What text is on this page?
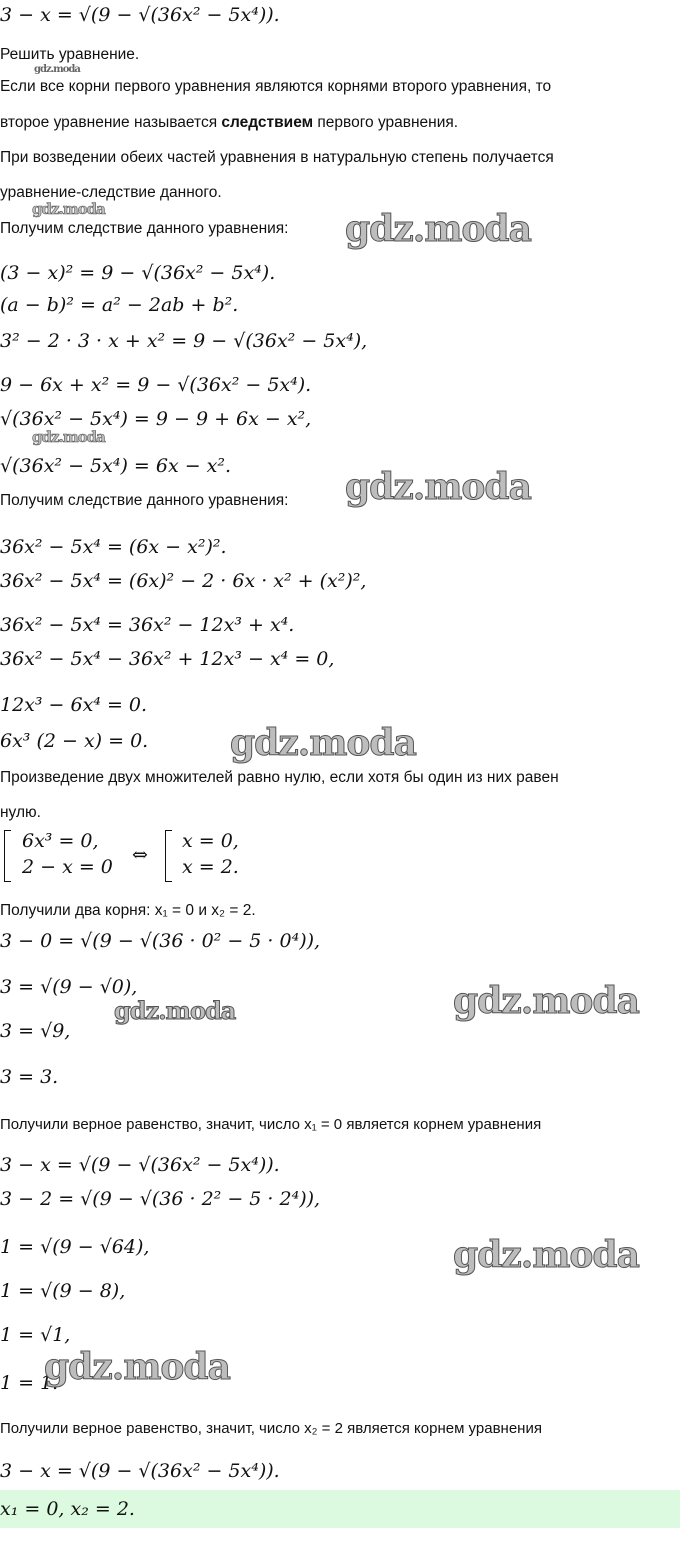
3 − x = √(9 − √(36x² − 5x⁴)).
Решить уравнение.
Если все корни первого уравнения являются корнями второго уравнения, то
второе уравнение называется следствием первого уравнения.
При возведении обеих частей уравнения в натуральную степень получается
уравнение-следствие данного.
Получим следствие данного уравнения:
(3 − x)² = 9 − √(36x² − 5x⁴).
(a − b)² = a² − 2ab + b².
3² − 2 · 3 · x + x² = 9 − √(36x² − 5x⁴),
9 − 6x + x² = 9 − √(36x² − 5x⁴).
√(36x² − 5x⁴) = 9 − 9 + 6x − x²,
√(36x² − 5x⁴) = 6x − x².
Получим следствие данного уравнения:
36x² − 5x⁴ = (6x − x²)².
36x² − 5x⁴ = (6x)² − 2 · 6x · x² + (x²)²,
36x² − 5x⁴ = 36x² − 12x³ + x⁴.
36x² − 5x⁴ − 36x² + 12x³ − x⁴ = 0,
12x³ − 6x⁴ = 0.
6x³ (2 − x) = 0.
Произведение двух множителей равно нулю, если хотя бы один из них равен
нулю.
6x³ = 0,
2 − x = 0
⇔
x = 0,
x = 2.
Получили два корня: x₁ = 0 и x₂ = 2.
3 − 0 = √(9 − √(36 · 0² − 5 · 0⁴)),
3 = √(9 − √0),
3 = √9,
3 = 3.
Получили верное равенство, значит, число x₁ = 0 является корнем уравнения
3 − x = √(9 − √(36x² − 5x⁴)).
3 − 2 = √(9 − √(36 · 2² − 5 · 2⁴)),
1 = √(9 − √64),
1 = √(9 − 8),
1 = √1,
1 = 1.
Получили верное равенство, значит, число x₂ = 2 является корнем уравнения
3 − x = √(9 − √(36x² − 5x⁴)).
x₁ = 0, x₂ = 2.
gdz.moda
gdz.moda	gdz.moda
gdz.moda
gdz.moda
gdz.moda
gdz.moda
gdz.moda
gdz.moda
gdz.moda
